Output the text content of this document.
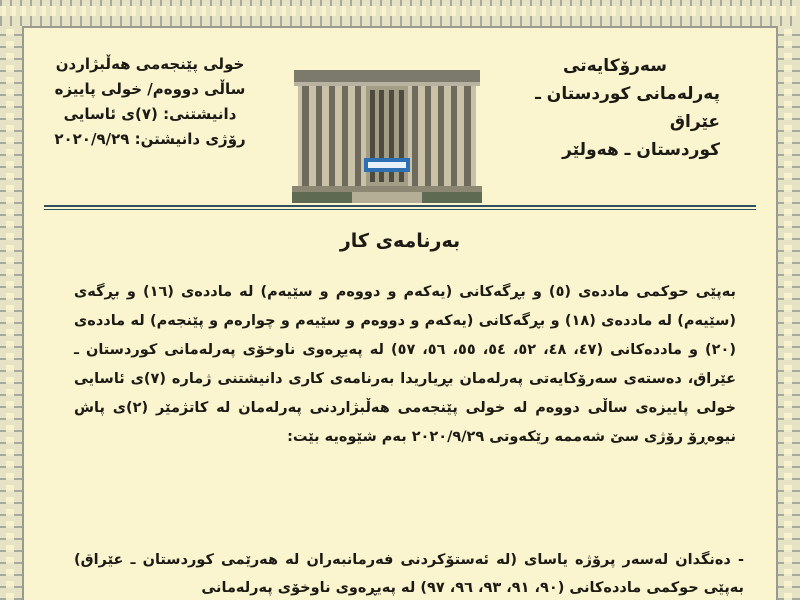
سەرۆکایەتی
پەرلەمانی کوردستان ـ عێراق
کوردستان ـ هەولێر
خولی پێنجەمی هەڵبژاردن
ساڵی دووەم/ خولی پاییزە
دانیشتنی: (٧)ی ئاسایی
رۆژی دانیشتن: ٢٠٢٠/٩/٢٩
بەرنامەی کار

بەپێی حوکمی ماددەی (٥) و بڕگەکانی (یەکەم و دووەم و سێیەم) لە ماددەی (١٦) و بڕگەی (سێیەم) لە ماددەی (١٨) و بڕگەکانی (یەکەم و دووەم و سێیەم و چوارەم و پێنجەم) لە ماددەی (٢٠) و ماددەکانی (٤٧، ٤٨، ٥٢، ٥٤، ٥٥، ٥٦، ٥٧) لە پەیڕەوی ناوخۆی پەرلەمانی کوردستان ـ عێراق، دەستەی سەرۆکایەتی پەرلەمان بڕیاریدا بەرنامەی کاری دانیشتنی ژمارە (٧)ی ئاسایی خولی پاییزەی ساڵی دووەم لە خولی پێنجەمی هەڵبژاردنی پەرلەمان لە کاتژمێر (٢)ی پاش نیوەڕۆ رۆژی سێ شەممە رێکەوتی ٢٠٢٠/٩/٢٩ بەم شێوەیە بێت:

- دەنگدان لەسەر پرۆژە یاسای (لە ئەستۆکردنی فەرمانبەران لە هەرێمی کوردستان ـ عێراق) بەپێی حوکمی ماددەکانی (٩٠، ٩١، ٩٣، ٩٦، ٩٧) لە پەیڕەوی ناوخۆی پەرلەمانی
